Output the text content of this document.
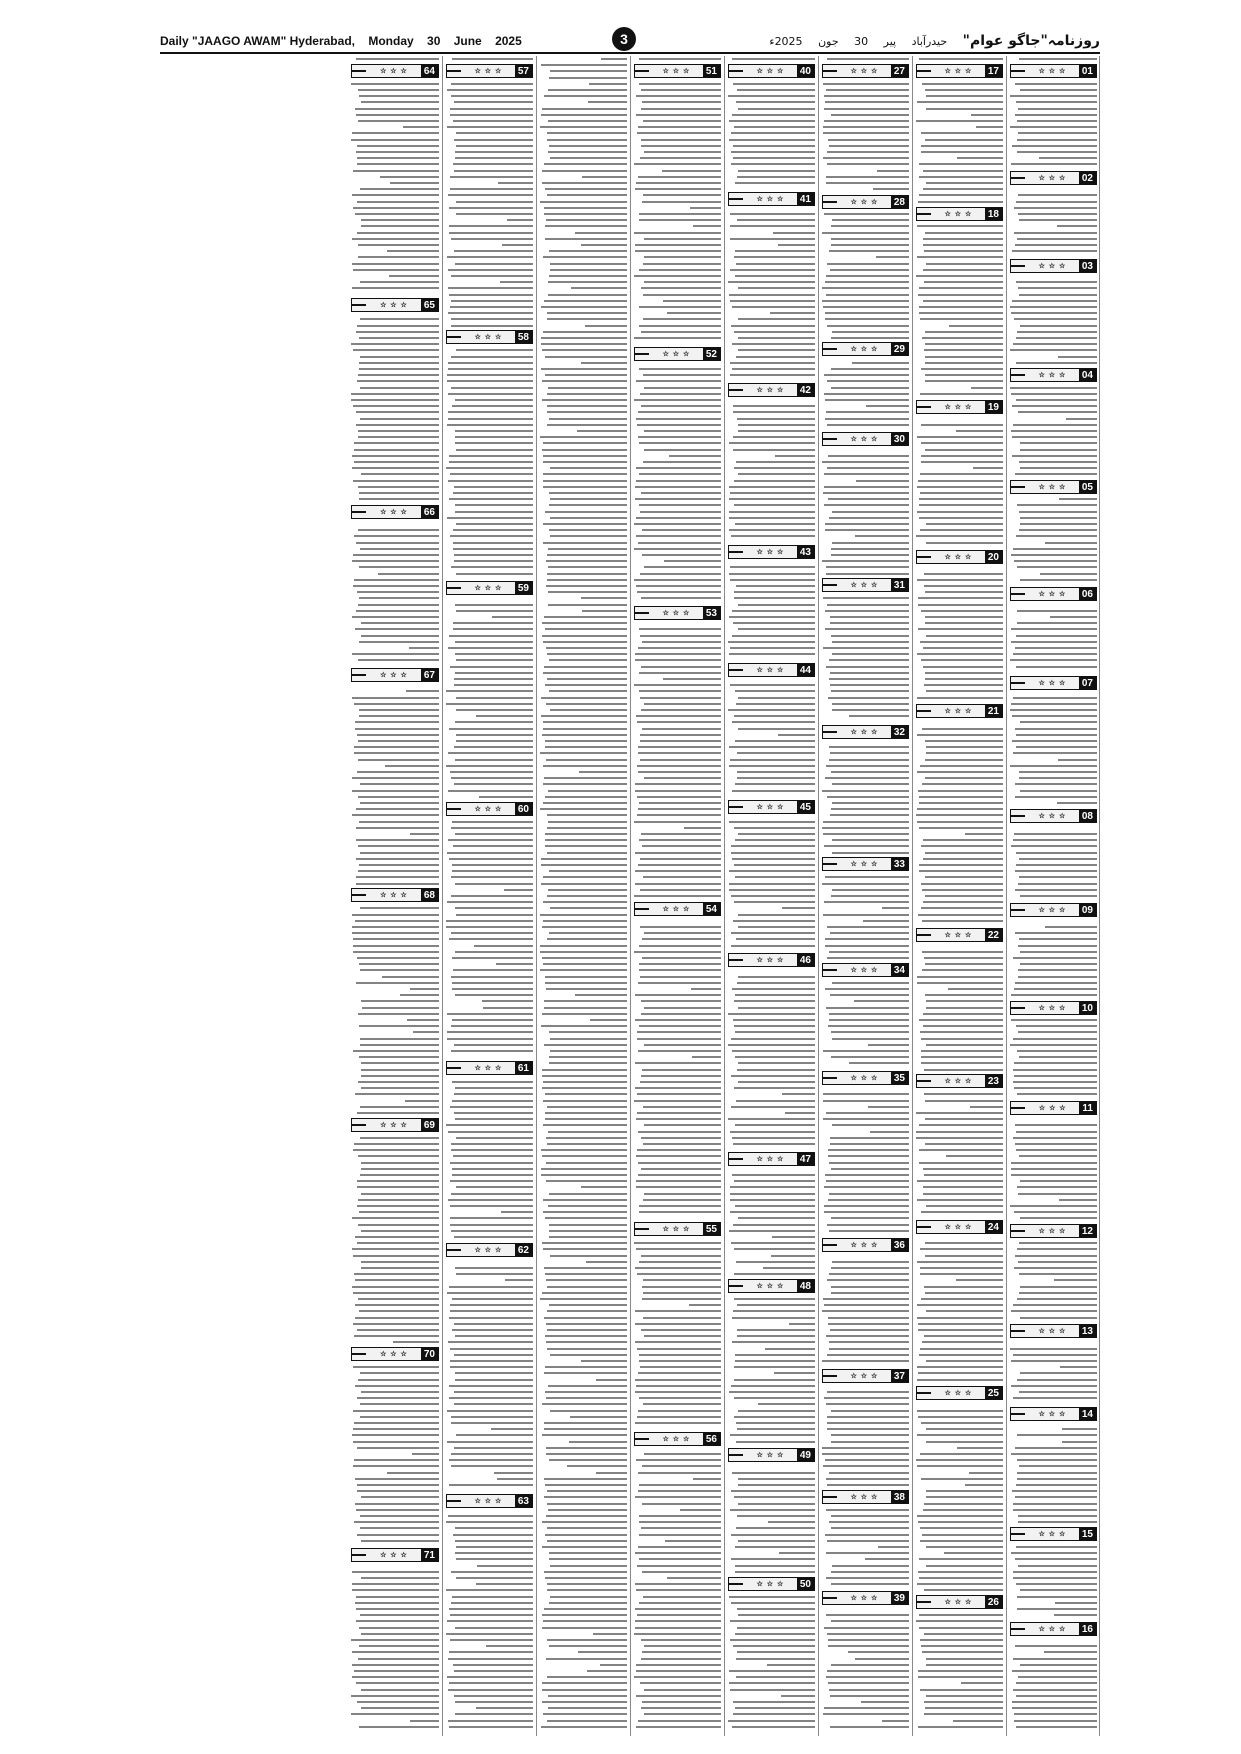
Daily "JAAGO AWAM" Hyderabad, Monday 30 June 2025	روزنامہ"جاگو عوام" حیدرآباد پیر 30 جون 2025ء
3
☆ ☆ ☆	01
☆ ☆ ☆	02
☆ ☆ ☆	03
☆ ☆ ☆	04
☆ ☆ ☆	05
☆ ☆ ☆	06
☆ ☆ ☆	07
☆ ☆ ☆	08
☆ ☆ ☆	09
☆ ☆ ☆	10
☆ ☆ ☆	11
☆ ☆ ☆	12
☆ ☆ ☆	13
☆ ☆ ☆	14
☆ ☆ ☆	15
☆ ☆ ☆	16
☆ ☆ ☆	17
☆ ☆ ☆	18
☆ ☆ ☆	19
☆ ☆ ☆	20
☆ ☆ ☆	21
☆ ☆ ☆	22
☆ ☆ ☆	23
☆ ☆ ☆	24
☆ ☆ ☆	25
☆ ☆ ☆	26
☆ ☆ ☆	27
☆ ☆ ☆	28
☆ ☆ ☆	29
☆ ☆ ☆	30
☆ ☆ ☆	31
☆ ☆ ☆	32
☆ ☆ ☆	33
☆ ☆ ☆	34
☆ ☆ ☆	35
☆ ☆ ☆	36
☆ ☆ ☆	37
☆ ☆ ☆	38
☆ ☆ ☆	39
☆ ☆ ☆	40
☆ ☆ ☆	41
☆ ☆ ☆	42
☆ ☆ ☆	43
☆ ☆ ☆	44
☆ ☆ ☆	45
☆ ☆ ☆	46
☆ ☆ ☆	47
☆ ☆ ☆	48
☆ ☆ ☆	49
☆ ☆ ☆	50
☆ ☆ ☆	51
☆ ☆ ☆	52
☆ ☆ ☆	53
☆ ☆ ☆	54
☆ ☆ ☆	55
☆ ☆ ☆	56
☆ ☆ ☆	57
☆ ☆ ☆	58
☆ ☆ ☆	59
☆ ☆ ☆	60
☆ ☆ ☆	61
☆ ☆ ☆	62
☆ ☆ ☆	63
☆ ☆ ☆	64
☆ ☆ ☆	65
☆ ☆ ☆	66
☆ ☆ ☆	67
☆ ☆ ☆	68
☆ ☆ ☆	69
☆ ☆ ☆	70
☆ ☆ ☆	71
